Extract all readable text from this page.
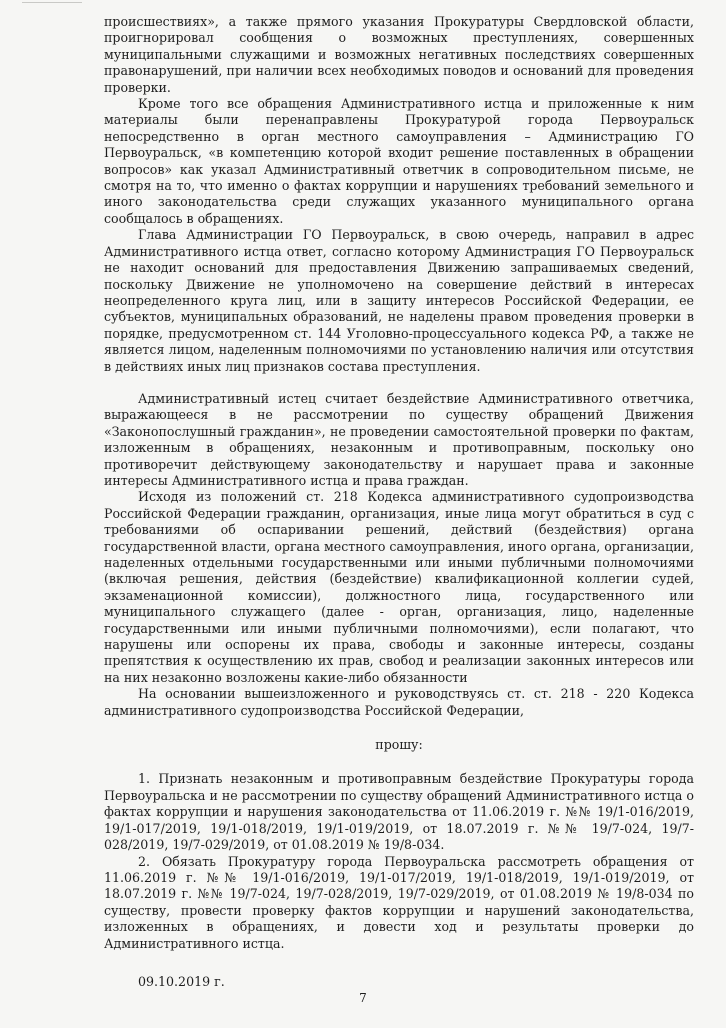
происшествиях», а также прямого указания Прокуратуры Свердловской области, проигнорировал сообщения о возможных преступлениях, совершенных муниципальными служащими и возможных негативных последствиях совершенных правонарушений, при наличии всех необходимых поводов и оснований для проведения проверки.

Кроме того все обращения Административного истца и приложенные к ним материалы были перенаправлены Прокуратурой города Первоуральск непосредственно в орган местного самоуправления – Администрацию ГО Первоуральск, «в компетенцию которой входит решение поставленных в обращении вопросов» как указал Административный ответчик в сопроводительном письме, не смотря на то, что именно о фактах коррупции и нарушениях требований земельного и иного законодательства среди служащих указанного муниципального органа сообщалось в обращениях.

Глава Администрации ГО Первоуральск, в свою очередь, направил в адрес Административного истца ответ, согласно которому Администрация ГО Первоуральск не находит оснований для предоставления Движению запрашиваемых сведений, поскольку Движение не уполномочено на совершение действий в интересах неопределенного круга лиц, или в защиту интересов Российской Федерации, ее субъектов, муниципальных образований, не наделены правом проведения проверки в порядке, предусмотренном ст. 144 Уголовно-процессуального кодекса РФ, а также не является лицом, наделенным полномочиями по установлению наличия или отсутствия в действиях иных лиц признаков состава преступления.

Административный истец считает бездействие Административного ответчика, выражающееся в не рассмотрении по существу обращений Движения «Законопослушный гражданин», не проведении самостоятельной проверки по фактам, изложенным в обращениях, незаконным и противоправным, поскольку оно противоречит действующему законодательству и нарушает права и законные интересы Административного истца и права граждан.

Исходя из положений ст. 218 Кодекса административного судопроизводства Российской Федерации гражданин, организация, иные лица могут обратиться в суд с требованиями об оспаривании решений, действий (бездействия) органа государственной власти, органа местного самоуправления, иного органа, организации, наделенных отдельными государственными или иными публичными полномочиями (включая решения, действия (бездействие) квалификационной коллегии судей, экзаменационной комиссии), должностного лица, государственного или муниципального служащего (далее - орган, организация, лицо, наделенные государственными или иными публичными полномочиями), если полагают, что нарушены или оспорены их права, свободы и законные интересы, созданы препятствия к осуществлению их прав, свобод и реализации законных интересов или на них незаконно возложены какие-либо обязанности

На основании вышеизложенного и руководствуясь ст. ст. 218 - 220 Кодекса административного судопроизводства Российской Федерации,

прошу:

1. Признать незаконным и противоправным бездействие Прокуратуры города Первоуральска и не рассмотрении по существу обращений Административного истца о фактах коррупции и нарушения законодательства от 11.06.2019 г. №№ 19/1-016/2019, 19/1-017/2019, 19/1-018/2019, 19/1-019/2019, от 18.07.2019 г. №№ 19/7-024, 19/7-028/2019, 19/7-029/2019, от 01.08.2019 № 19/8-034.

2. Обязать Прокуратуру города Первоуральска рассмотреть обращения от 11.06.2019 г. №№ 19/1-016/2019, 19/1-017/2019, 19/1-018/2019, 19/1-019/2019, от 18.07.2019 г. №№ 19/7-024, 19/7-028/2019, 19/7-029/2019, от 01.08.2019 № 19/8-034 по существу, провести проверку фактов коррупции и нарушений законодательства, изложенных в обращениях, и довести ход и результаты проверки до Административного истца.

09.10.2019 г.

7
